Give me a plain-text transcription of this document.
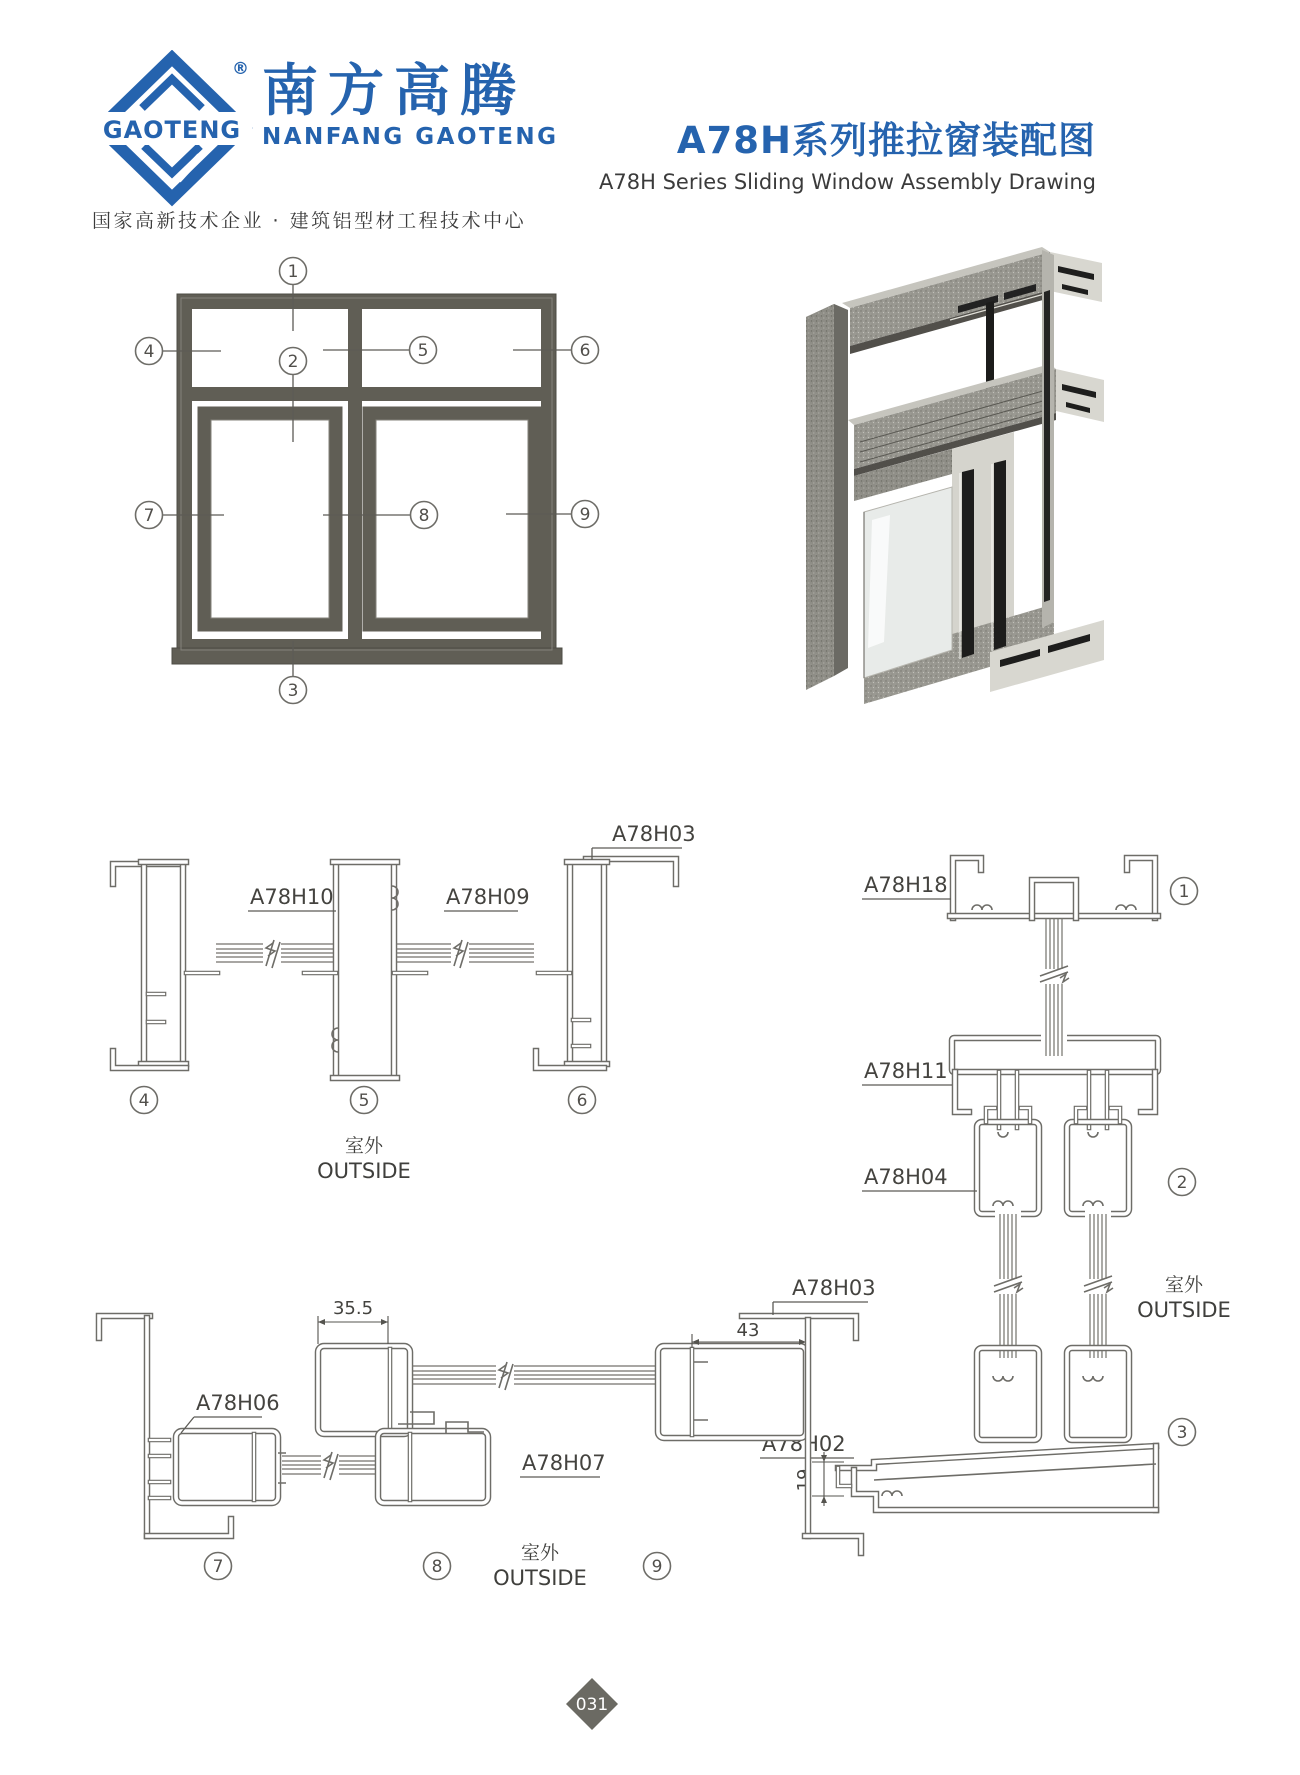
GAOTENG
® 南方高腾
NANFANG GAOTENG
国家高新技术企业 · 建筑铝型材工程技术中心
A78H系列推拉窗装配图
A78H Series Sliding Window Assembly Drawing
1
2
3
4	5	6
7	8	9
A78H10	A78H09
A78H03
4	5	6
室外
OUTSIDE
19
A78H18
A78H11
A78H04
A78H02
1
2
3
室外
OUTSIDE
35.5
43
A78H06
A78H07
A78H03
7	8	9
室外
OUTSIDE
031
